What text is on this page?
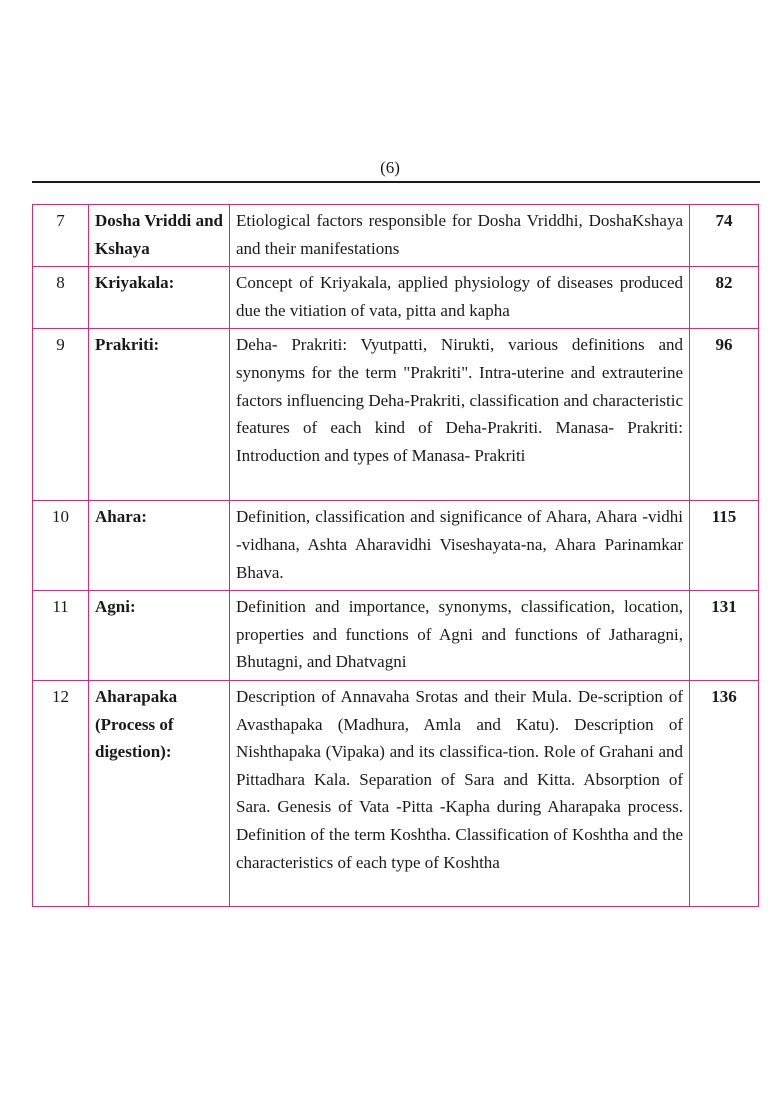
(6)
7	Dosha Vriddi and Kshaya	Etiological factors responsible for Dosha Vriddhi, DoshaKshaya and their manifestations	74
8	Kriyakala:	Concept of Kriyakala, applied physiology of diseases produced due the vitiation of vata, pitta and kapha	82
9	Prakriti:	Deha- Prakriti: Vyutpatti, Nirukti, various definitions and synonyms for the term "Prakriti". Intra-uterine and extrauterine factors influencing Deha-Prakriti, classification and characteristic features of each kind of Deha-Prakriti. Manasa- Prakriti: Introduction and types of Manasa- Prakriti	96
10	Ahara:	Definition, classification and significance of Ahara, Ahara -vidhi -vidhana, Ashta Aharavidhi Viseshayata-na, Ahara Parinamkar Bhava.	115
11	Agni:	Definition and importance, synonyms, classification, location, properties and functions of Agni and functions of Jatharagni, Bhutagni, and Dhatvagni	131
12	Aharapaka (Process of digestion):	Description of Annavaha Srotas and their Mula. De-scription of Avasthapaka (Madhura, Amla and Katu). Description of Nishthapaka (Vipaka) and its classifica-tion. Role of Grahani and Pittadhara Kala. Separation of Sara and Kitta. Absorption of Sara. Genesis of Vata -Pitta -Kapha during Aharapaka process. Definition of the term Koshtha. Classification of Koshtha and the characteristics of each type of Koshtha	136
